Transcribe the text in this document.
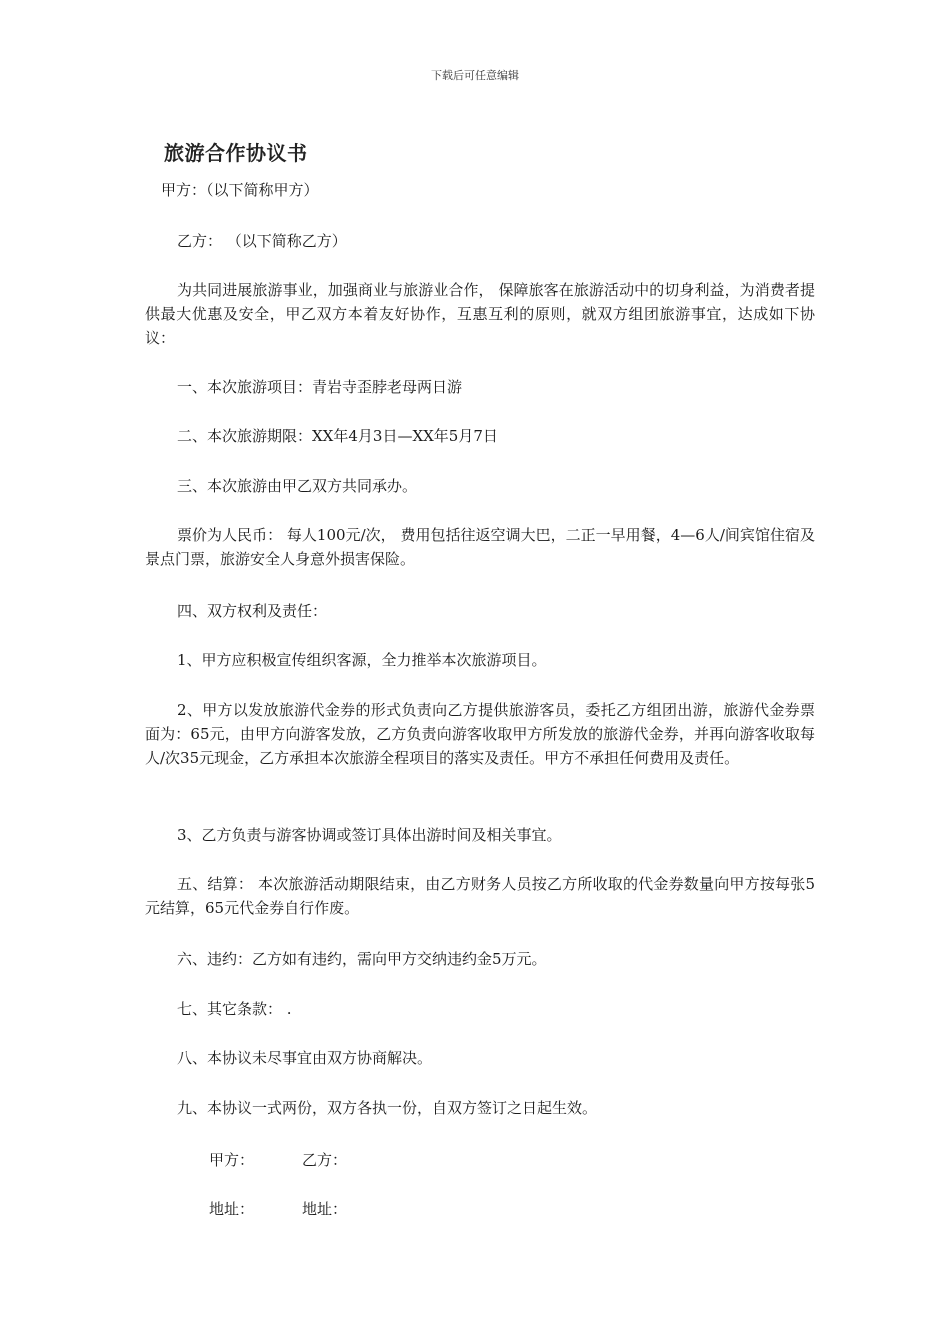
下载后可任意编辑
旅游合作协议书
甲方：（以下简称甲方）
乙方： （以下简称乙方）
为共同进展旅游事业，加强商业与旅游业合作， 保障旅客在旅游活动中的切身利益，为消费者提供最大优惠及安全，甲乙双方本着友好协作，互惠互利的原则，就双方组团旅游事宜，达成如下协议：
一、本次旅游项目：青岩寺歪脖老母两日游
二、本次旅游期限：XX年4月3日—XX年5月7日
三、本次旅游由甲乙双方共同承办。
票价为人民币： 每人100元/次， 费用包括往返空调大巴，二正一早用餐，4—6人/间宾馆住宿及景点门票，旅游安全人身意外损害保险。
四、双方权利及责任：
1、甲方应积极宣传组织客源，全力推举本次旅游项目。
2、甲方以发放旅游代金券的形式负责向乙方提供旅游客员，委托乙方组团出游，旅游代金券票面为：65元，由甲方向游客发放，乙方负责向游客收取甲方所发放的旅游代金券，并再向游客收取每人/次35元现金，乙方承担本次旅游全程项目的落实及责任。甲方不承担任何费用及责任。
3、乙方负责与游客协调或签订具体出游时间及相关事宜。
五、结算： 本次旅游活动期限结束，由乙方财务人员按乙方所收取的代金券数量向甲方按每张5元结算，65元代金券自行作废。
六、违约：乙方如有违约，需向甲方交纳违约金5万元。
七、其它条款： .
八、本协议未尽事宜由双方协商解决。
九、本协议一式两份，双方各执一份，自双方签订之日起生效。
甲方：	乙方：
地址：	地址：
